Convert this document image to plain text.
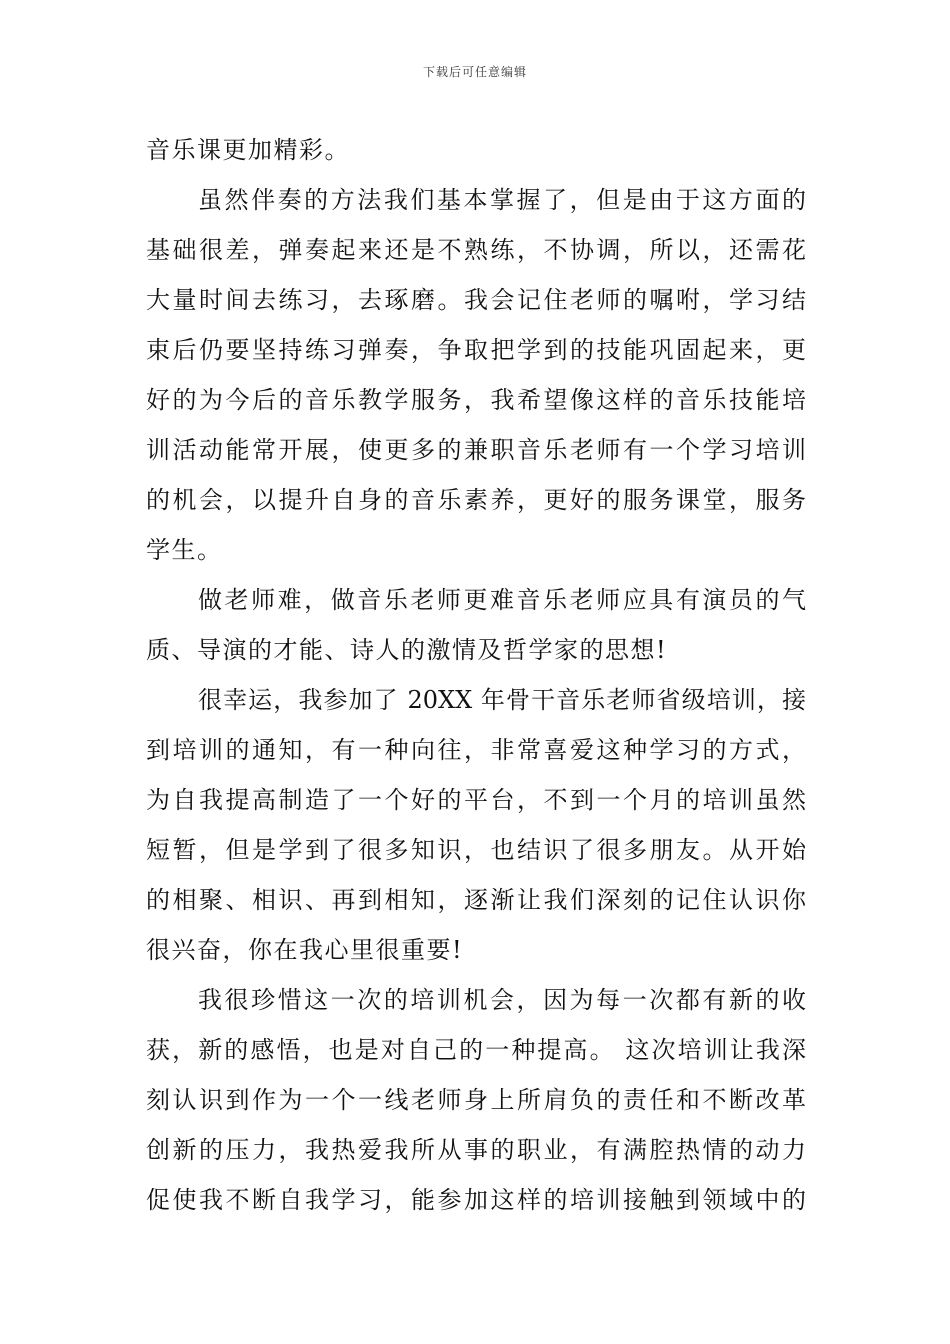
下载后可任意编辑
音乐课更加精彩。
虽然伴奏的方法我们基本掌握了，但是由于这方面的
基础很差，弹奏起来还是不熟练，不协调，所以，还需花
大量时间去练习，去琢磨。我会记住老师的嘱咐，学习结
束后仍要坚持练习弹奏，争取把学到的技能巩固起来，更
好的为今后的音乐教学服务，我希望像这样的音乐技能培
训活动能常开展，使更多的兼职音乐老师有一个学习培训
的机会，以提升自身的音乐素养，更好的服务课堂，服务
学生。
做老师难，做音乐老师更难音乐老师应具有演员的气
质、导演的才能、诗人的激情及哲学家的思想!
很幸运，我参加了 20XX 年骨干音乐老师省级培训，接
到培训的通知，有一种向往，非常喜爱这种学习的方式，
为自我提高制造了一个好的平台，不到一个月的培训虽然
短暂，但是学到了很多知识，也结识了很多朋友。从开始
的相聚、相识、再到相知，逐渐让我们深刻的记住认识你
很兴奋，你在我心里很重要!
我很珍惜这一次的培训机会，因为每一次都有新的收
获，新的感悟，也是对自己的一种提高。 这次培训让我深
刻认识到作为一个一线老师身上所肩负的责任和不断改革
创新的压力，我热爱我所从事的职业，有满腔热情的动力
促使我不断自我学习，能参加这样的培训接触到领域中的
